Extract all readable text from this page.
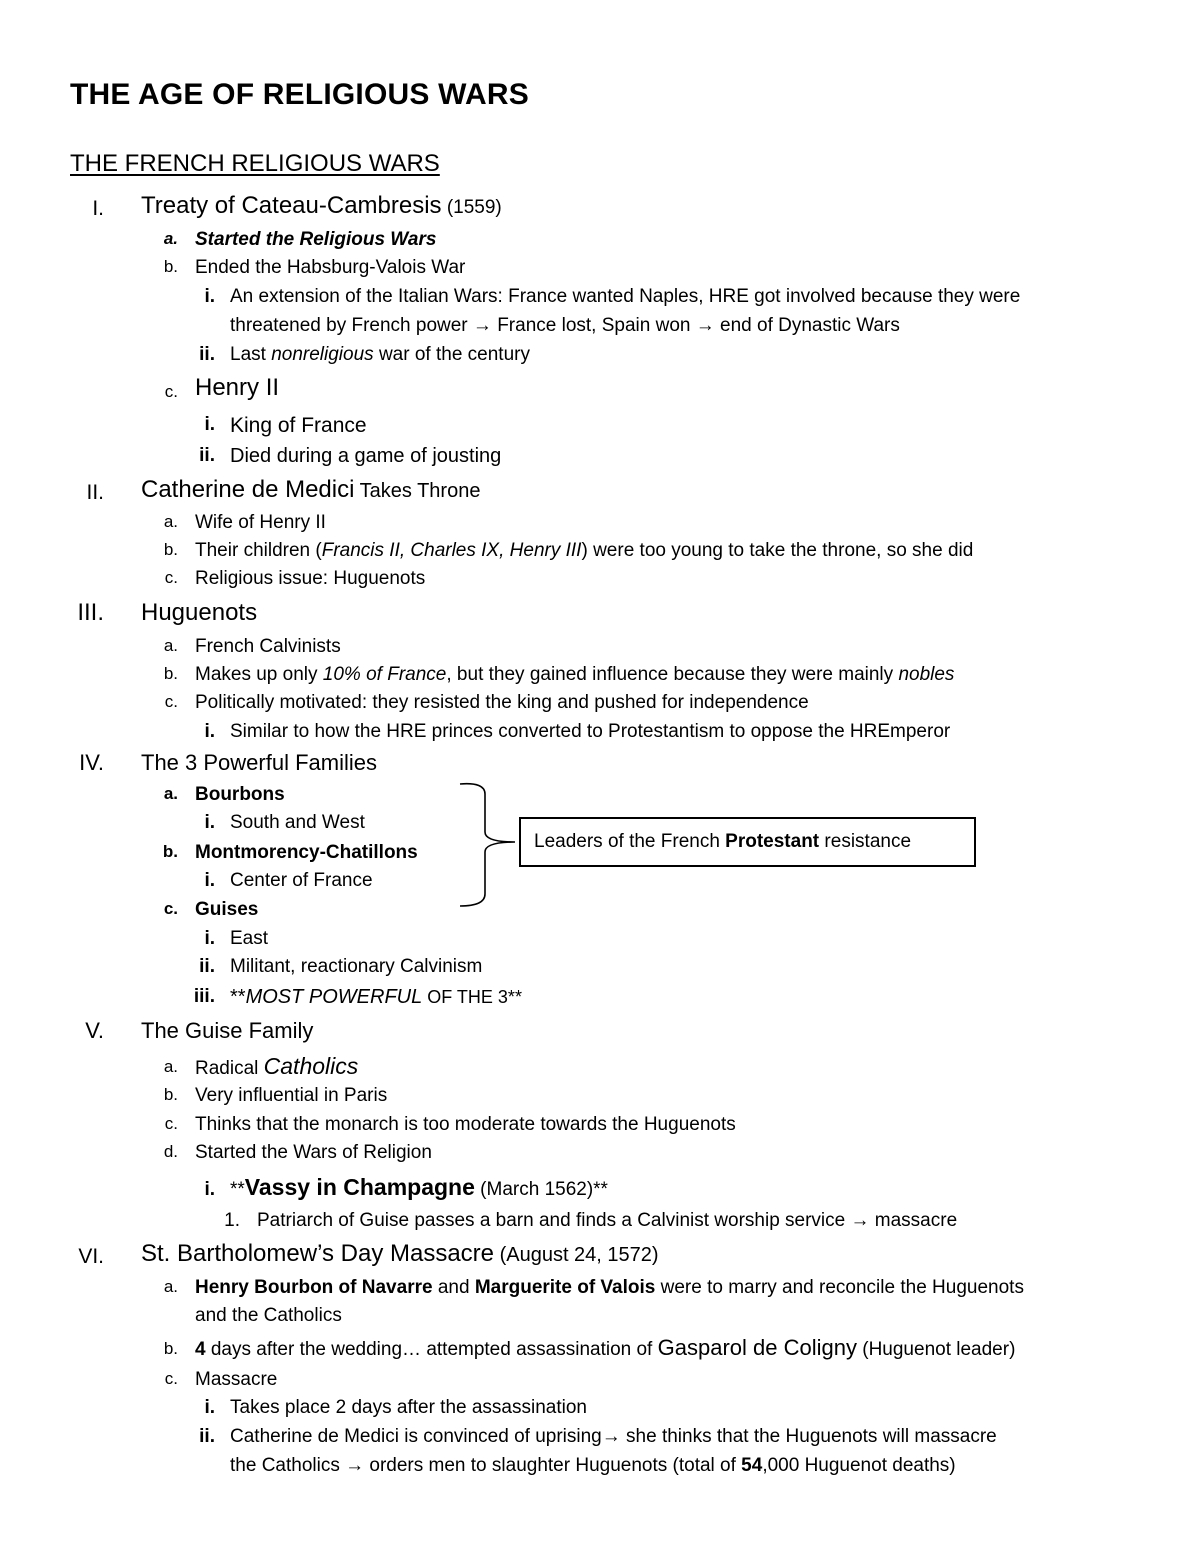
THE AGE OF RELIGIOUS WARS
THE FRENCH RELIGIOUS WARS
I. Treaty of Cateau-Cambresis (1559)
a. Started the Religious Wars
b. Ended the Habsburg-Valois War
i. An extension of the Italian Wars: France wanted Naples, HRE got involved because they were
threatened by French power → France lost, Spain won → end of Dynastic Wars
ii. Last nonreligious war of the century
c. Henry II
i. King of France
ii. Died during a game of jousting
II. Catherine de Medici Takes Throne
a. Wife of Henry II
b. Their children (Francis II, Charles IX, Henry III) were too young to take the throne, so she did
c. Religious issue: Huguenots
III. Huguenots
a. French Calvinists
b. Makes up only 10% of France, but they gained influence because they were mainly nobles
c. Politically motivated: they resisted the king and pushed for independence
i. Similar to how the HRE princes converted to Protestantism to oppose the HREmperor
IV. The 3 Powerful Families
a. Bourbons
i. South and West
b. Montmorency-Chatillons
i. Center of France
c. Guises
i. East
ii. Militant, reactionary Calvinism
iii. **MOST POWERFUL OF THE 3**
Leaders of the French Protestant resistance
V. The Guise Family
a. Radical Catholics
b. Very influential in Paris
c. Thinks that the monarch is too moderate towards the Huguenots
d. Started the Wars of Religion
i. **Vassy in Champagne (March 1562)**
1. Patriarch of Guise passes a barn and finds a Calvinist worship service → massacre
VI. St. Bartholomew’s Day Massacre (August 24, 1572)
a. Henry Bourbon of Navarre and Marguerite of Valois were to marry and reconcile the Huguenots
and the Catholics
b. 4 days after the wedding… attempted assassination of Gasparol de Coligny (Huguenot leader)
c. Massacre
i. Takes place 2 days after the assassination
ii. Catherine de Medici is convinced of uprising→ she thinks that the Huguenots will massacre
the Catholics → orders men to slaughter Huguenots (total of 54,000 Huguenot deaths)
